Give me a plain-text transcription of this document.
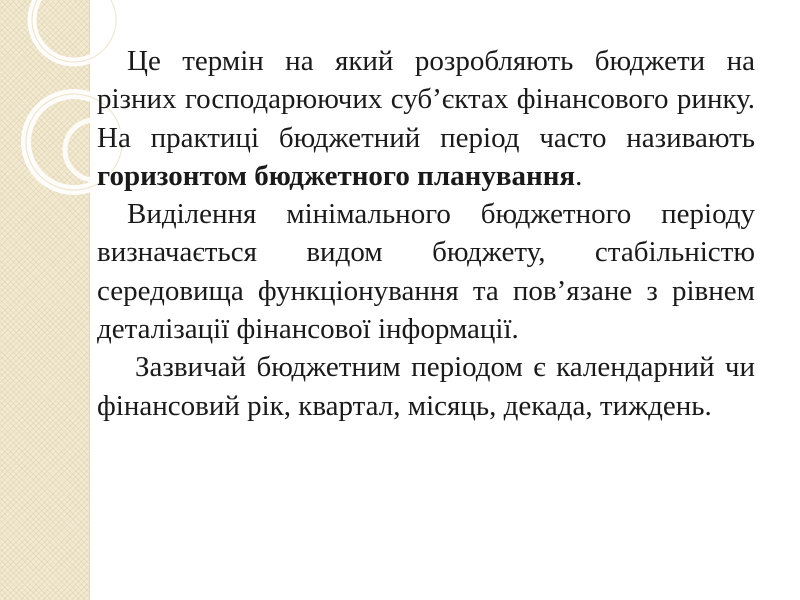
Це термін на який розробляють бюджети на різних господарюючих суб’єктах фінансового ринку. На практиці бюджетний період часто називають горизонтом бюджетного планування.

Виділення мінімального бюджетного періоду визначається видом бюджету, стабільністю середовища функціонування та пов’язане з рівнем деталізації фінансової інформації.

Зазвичай бюджетним періодом є календарний чи фінансовий рік, квартал, місяць, декада, тиждень.
